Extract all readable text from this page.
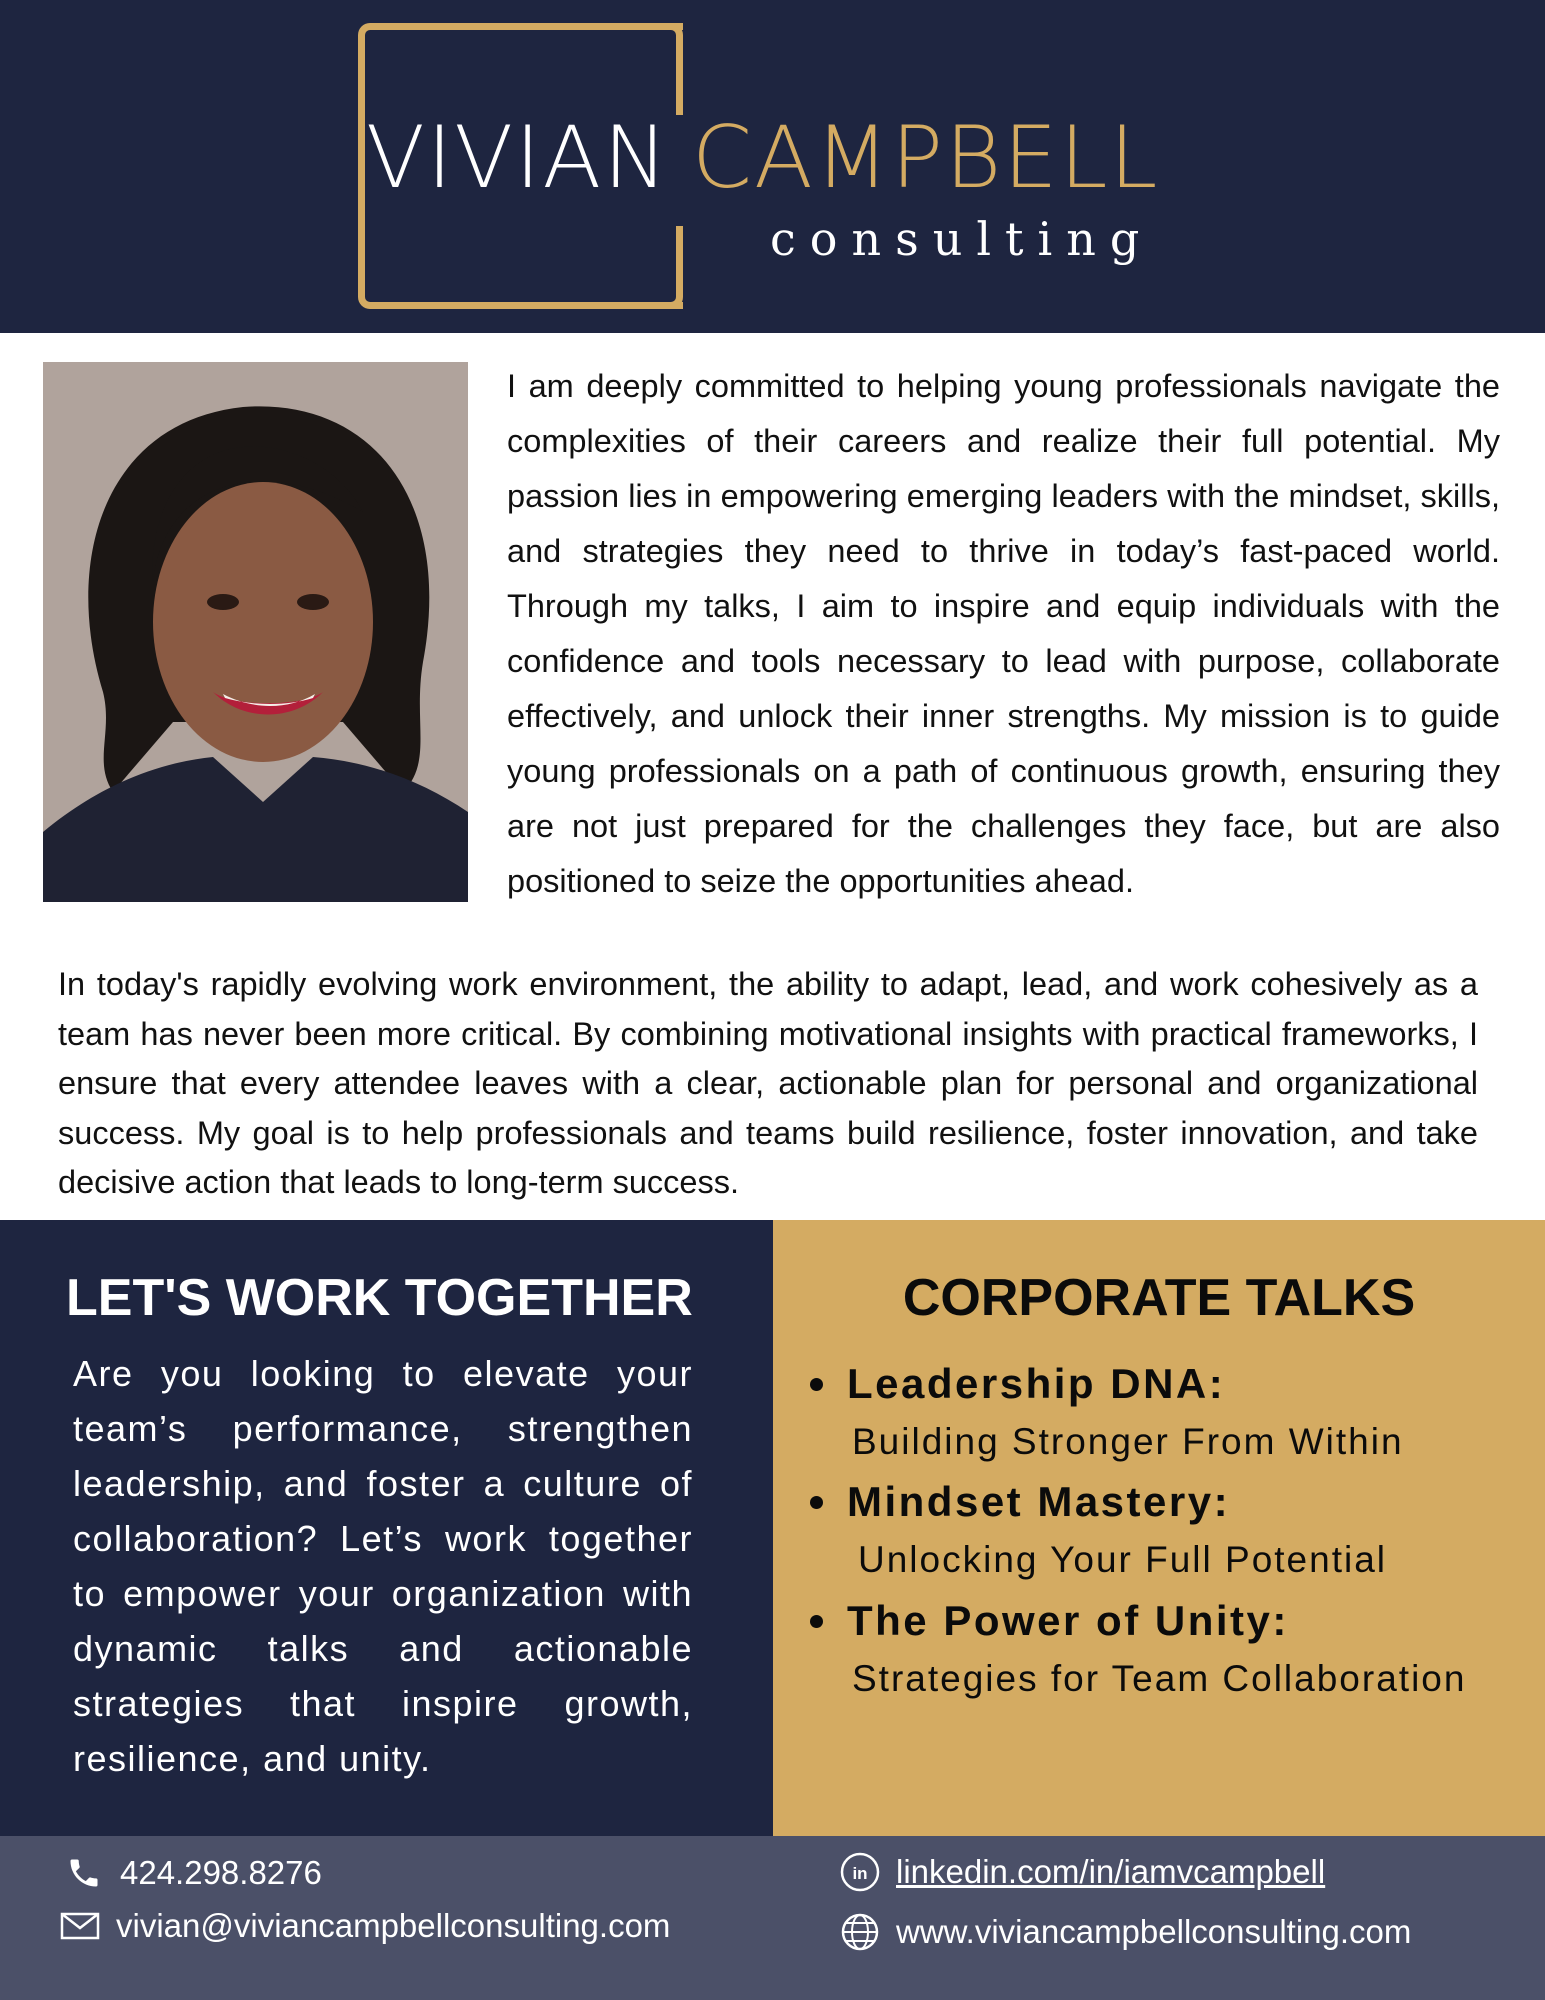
VIVIAN CAMPBELL
consulting

I am deeply committed to helping young professionals navigate the complexities of their careers and realize their full potential. My passion lies in empowering emerging leaders with the mindset, skills, and strategies they need to thrive in today’s fast-paced world. Through my talks, I aim to inspire and equip individuals with the confidence and tools necessary to lead with purpose, collaborate effectively, and unlock their inner strengths. My mission is to guide young professionals on a path of continuous growth, ensuring they are not just prepared for the challenges they face, but are also positioned to seize the opportunities ahead.

In today's rapidly evolving work environment, the ability to adapt, lead, and work cohesively as a team has never been more critical. By combining motivational insights with practical frameworks, I ensure that every attendee leaves with a clear, actionable plan for personal and organizational success. My goal is to help professionals and teams build resilience, foster innovation, and take decisive action that leads to long-term success.

LET'S WORK TOGETHER

Are you looking to elevate your team’s performance, strengthen leadership, and foster a culture of collaboration? Let’s work together to empower your organization with dynamic talks and actionable strategies that inspire growth, resilience, and unity.

CORPORATE TALKS
Leadership DNA:
Building Stronger From Within
Mindset Mastery:
Unlocking Your Full Potential
The Power of Unity:
Strategies for Team Collaboration
424.298.8276
vivian@viviancampbellconsulting.com
in linkedin.com/in/iamvcampbell
www.viviancampbellconsulting.com
